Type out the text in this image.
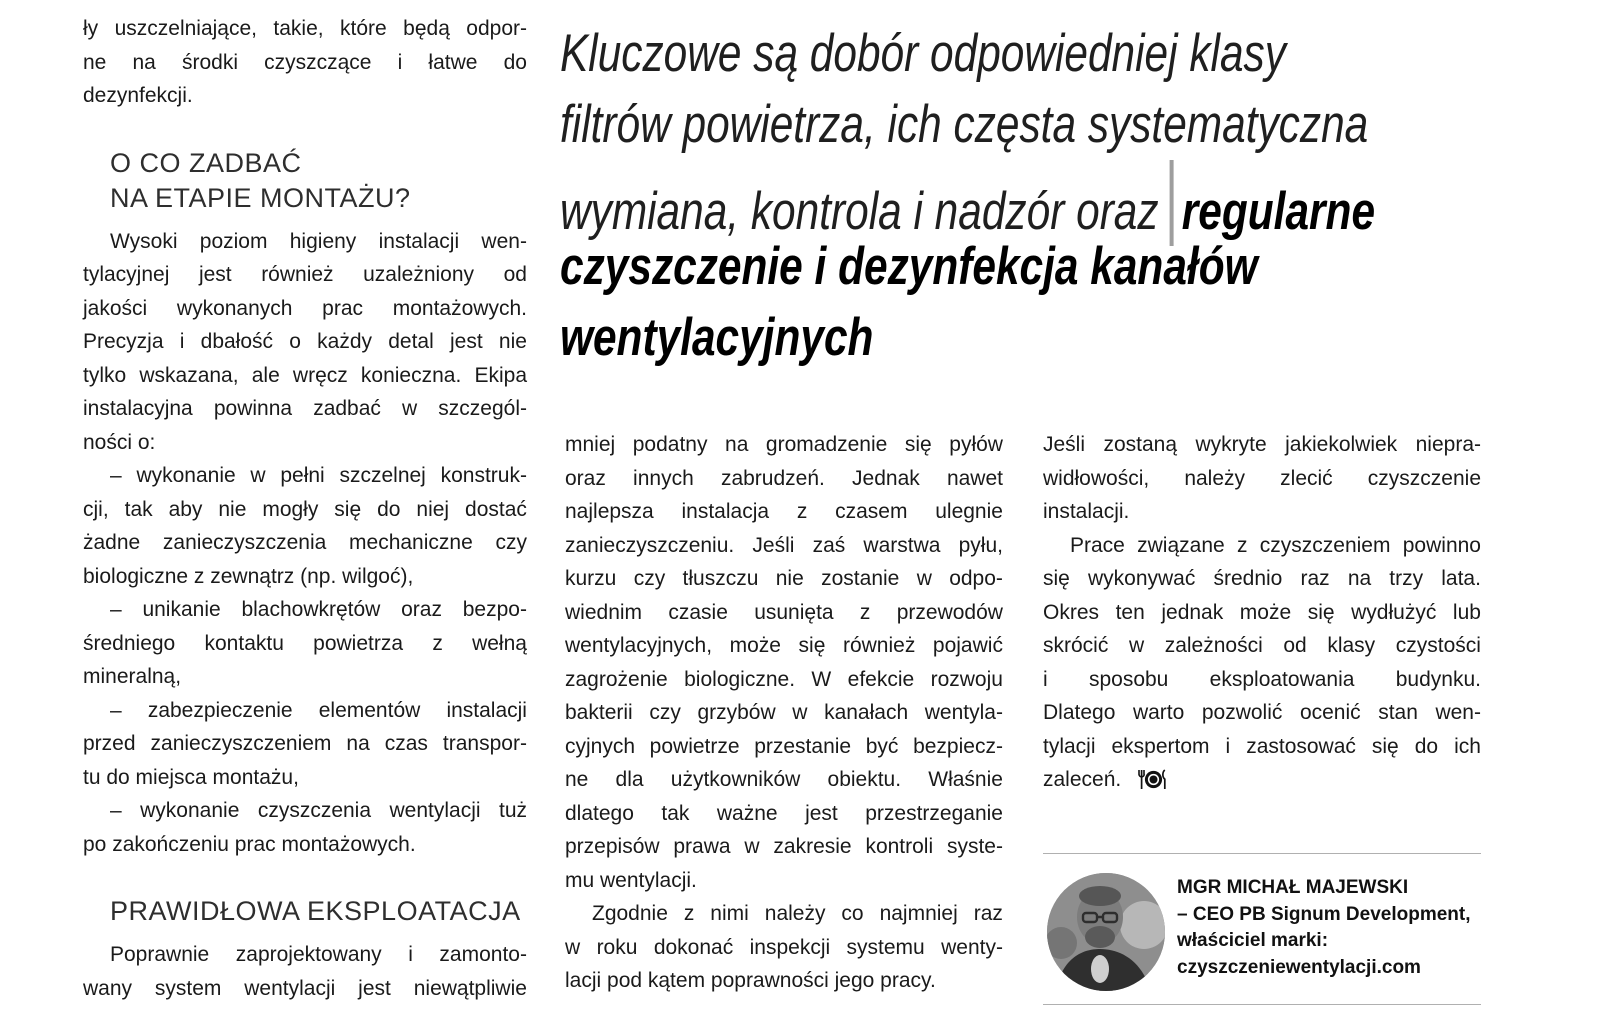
Kluczowe są dobór odpowiedniej klasy
filtrów powietrza, ich częsta systematyczna
wymiana, kontrola i nadzór oraz regularne
czyszczenie i dezynfekcja kanałów
wentylacyjnych
ły uszczelniające, takie, które będą odpor-
ne na środki czyszczące i łatwe do
dezynfekcji.
O CO ZADBAĆ
NA ETAPIE MONTAŻU?
Wysoki poziom higieny instalacji wen-
tylacyjnej jest również uzależniony od
jakości wykonanych prac montażowych.
Precyzja i dbałość o każdy detal jest nie
tylko wskazana, ale wręcz konieczna. Ekipa
instalacyjna powinna zadbać w szczegól-
ności o:
– wykonanie w pełni szczelnej konstruk-
cji, tak aby nie mogły się do niej dostać
żadne zanieczyszczenia mechaniczne czy
biologiczne z zewnątrz (np. wilgoć),
– unikanie blachowkrętów oraz bezpo-
średniego kontaktu powietrza z wełną
mineralną,
– zabezpieczenie elementów instalacji
przed zanieczyszczeniem na czas transpor-
tu do miejsca montażu,
– wykonanie czyszczenia wentylacji tuż
po zakończeniu prac montażowych.
PRAWIDŁOWA EKSPLOATACJA
Poprawnie zaprojektowany i zamonto-
wany system wentylacji jest niewątpliwie
mniej podatny na gromadzenie się pyłów
oraz innych zabrudzeń. Jednak nawet
najlepsza instalacja z czasem ulegnie
zanieczyszczeniu. Jeśli zaś warstwa pyłu,
kurzu czy tłuszczu nie zostanie w odpo-
wiednim czasie usunięta z przewodów
wentylacyjnych, może się również pojawić
zagrożenie biologiczne. W efekcie rozwoju
bakterii czy grzybów w kanałach wentyla-
cyjnych powietrze przestanie być bezpiecz-
ne dla użytkowników obiektu. Właśnie
dlatego tak ważne jest przestrzeganie
przepisów prawa w zakresie kontroli syste-
mu wentylacji.
Zgodnie z nimi należy co najmniej raz
w roku dokonać inspekcji systemu wenty-
lacji pod kątem poprawności jego pracy.
Jeśli zostaną wykryte jakiekolwiek niepra-
widłowości, należy zlecić czyszczenie
instalacji.
Prace związane z czyszczeniem powinno
się wykonywać średnio raz na trzy lata.
Okres ten jednak może się wydłużyć lub
skrócić w zależności od klasy czystości
i sposobu eksploatowania budynku.
Dlatego warto pozwolić ocenić stan wen-
tylacji ekspertom i zastosować się do ich
zaleceń.
MGR MICHAŁ MAJEWSKI
– CEO PB Signum Development,
właściciel marki:
czyszczeniewentylacji.com
